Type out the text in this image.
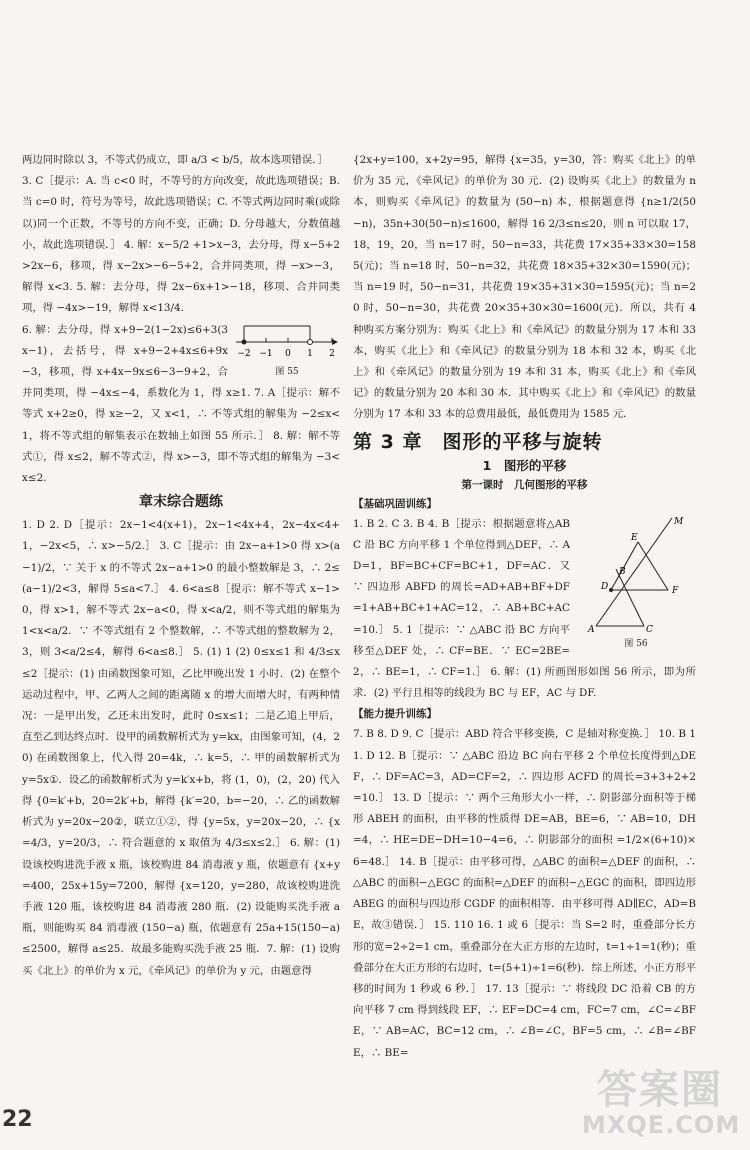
两边同时除以 3，不等式仍成立，即 a/3 < b/5，故本选项错误．］

3. C［提示：A. 当 c<0 时，不等号的方向改变，故此选项错误；B. 当 c=0 时，符号为等号，故此选项错误；C. 不等式两边同时乘(或除以)同一个正数，不等号的方向不变，正确；D. 分母越大，分数值越小，故此选项错误．］ 4. 解：x−5/2 +1>x−3，去分母，得 x−5+2>2x−6，移项，得 x−2x>−6−5+2，合并同类项，得 −x>−3，解得 x<3. 5. 解：去分母，得 2x−6x+1>−18，移项、合并同类项，得 −4x>−19，解得 x<13/4.

−2 −1 0 1 2
图 55

6. 解：去分母，得 x+9−2(1−2x)≤6+3(3x−1)，去括号，得 x+9−2+4x≤6+9x−3，移项，得 x+4x−9x≤6−3−9+2，合并同类项，得 −4x≤−4，系数化为 1，得 x≥1. 7. A［提示：解不等式 x+2≥0，得 x≥−2，又 x<1，∴ 不等式组的解集为 −2≤x<1，将不等式组的解集表示在数轴上如图 55 所示．］ 8. 解：解不等式①，得 x≤2，解不等式②，得 x>−3，即不等式组的解集为 −3<x≤2.

章末综合题练

1. D 2. D［提示：2x−1<4(x+1)，2x−1<4x+4，2x−4x<4+1，−2x<5，∴ x>−5/2.］ 3. C［提示：由 2x−a+1>0 得 x>(a−1)/2，∵ 关于 x 的不等式 2x−a+1>0 的最小整数解是 3，∴ 2≤(a−1)/2<3，解得 5≤a<7.］ 4. 6<a≤8［提示：解不等式 x−1>0，得 x>1，解不等式 2x−a<0，得 x<a/2，则不等式组的解集为 1<x<a/2．∵ 不等式组有 2 个整数解，∴ 不等式组的整数解为 2，3，则 3<a/2≤4，解得 6<a≤8.］ 5. (1) 1 (2) 0≤x≤1 和 4/3≤x≤2［提示：(1) 由函数图象可知，乙比甲晚出发 1 小时．(2) 在整个运动过程中，甲、乙两人之间的距离随 x 的增大而增大时，有两种情况：一是甲出发，乙还未出发时，此时 0≤x≤1；二是乙追上甲后，直至乙到达终点时．设甲的函数解析式为 y=kx，由图象可知，(4，20) 在函数图象上，代入得 20=4k，∴ k=5，∴ 甲的函数解析式为 y=5x①．设乙的函数解析式为 y=k′x+b，将 (1，0)，(2，20) 代入得 {0=k′+b，20=2k′+b，解得 {k′=20，b=−20，∴ 乙的函数解析式为 y=20x−20②，联立①②，得 {y=5x，y=20x−20，∴ {x=4/3，y=20/3，∴ 符合题意的 x 取值为 4/3≤x≤2.］ 6. 解：(1) 设该校购进洗手液 x 瓶，该校购进 84 消毒液 y 瓶，依题意有 {x+y=400，25x+15y=7200，解得 {x=120，y=280，故该校购进洗手液 120 瓶，该校购进 84 消毒液 280 瓶．(2) 设能购买洗手液 a 瓶，则能购买 84 消毒液 (150−a) 瓶，依题意有 25a+15(150−a)≤2500，解得 a≤25．故最多能购买洗手液 25 瓶．7. 解：(1) 设购买《北上》的单价为 x 元，《牵风记》的单价为 y 元，由题意得

{2x+y=100，x+2y=95，解得 {x=35，y=30，答：购买《北上》的单价为 35 元，《牵风记》的单价为 30 元．(2) 设购买《北上》的数量为 n 本，则购买《牵风记》的数量为 (50−n) 本，根据题意得 {n≥1/2(50−n)，35n+30(50−n)≤1600，解得 16 2/3≤n≤20，则 n 可以取 17，18，19，20，当 n=17 时，50−n=33，共花费 17×35+33×30=1585(元)；当 n=18 时，50−n=32，共花费 18×35+32×30=1590(元)；当 n=19 时，50−n=31，共花费 19×35+31×30=1595(元)；当 n=20 时，50−n=30，共花费 20×35+30×30=1600(元)．所以，共有 4 种购买方案分别为：购买《北上》和《牵风记》的数量分别为 17 本和 33 本，购买《北上》和《牵风记》的数量分别为 18 本和 32 本，购买《北上》和《牵风记》的数量分别为 19 本和 31 本，购买《北上》和《牵风记》的数量分别为 20 本和 30 本．其中购买《北上》和《牵风记》的数量分别为 17 本和 33 本的总费用最低，最低费用为 1585 元．

第 3 章　图形的平移与旋转
1　图形的平移
第一课时　几何图形的平移
【基础巩固训练】
M
E
B
D	F
A	C
图 56

1. B 2. C 3. B 4. B［提示：根据题意将△ABC 沿 BC 方向平移 1 个单位得到△DEF，∴ AD=1，BF=BC+CF=BC+1，DF=AC．又∵ 四边形 ABFD 的周长=AD+AB+BF+DF=1+AB+BC+1+AC=12，∴ AB+BC+AC=10.］ 5. 1［提示：∵ △ABC 沿 BC 方向平移至△DEF 处，∴ CF=BE．∵ EC=2BE=2，∴ BE=1，∴ CF=1.］ 6. 解：(1) 所画图形如图 56 所示，即为所求．(2) 平行且相等的线段为 BC 与 EF，AC 与 DF.

【能力提升训练】

7. B 8. D 9. C［提示：ABD 符合平移变换，C 是轴对称变换．］ 10. B 11. D 12. B［提示：∵ △ABC 沿边 BC 向右平移 2 个单位长度得到△DEF，∴ DF=AC=3，AD=CF=2，∴ 四边形 ACFD 的周长=3+3+2+2=10.］ 13. D［提示：∵ 两个三角形大小一样，∴ 阴影部分面积等于梯形 ABEH 的面积，由平移的性质得 DE=AB，BE=6，∵ AB=10，DH=4，∴ HE=DE−DH=10−4=6，∴ 阴影部分的面积 =1/2×(6+10)×6=48.］ 14. B［提示：由平移可得，△ABC 的面积=△DEF 的面积，∴ △ABC 的面积−△EGC 的面积=△DEF 的面积−△EGC 的面积，即四边形 ABEG 的面积与四边形 CGDF 的面积相等．由平移可得 AD∥EC，AD=BE，故③错误．］ 15. 110 16. 1 或 6［提示：当 S=2 时，重叠部分长方形的宽=2÷2=1 cm，重叠部分在大正方形的左边时，t=1÷1=1(秒)；重叠部分在大正方形的右边时，t=(5+1)÷1=6(秒)．综上所述，小正方形平移的时间为 1 秒或 6 秒．］ 17. 13［提示：∵ 将线段 DC 沿着 CB 的方向平移 7 cm 得到线段 EF，∴ EF=DC=4 cm，FC=7 cm，∠C=∠BFE，∵ AB=AC，BC=12 cm，∴ ∠B=∠C，BF=5 cm，∴ ∠B=∠BFE，∴ BE=

22
答案圈
MXQE.COM
